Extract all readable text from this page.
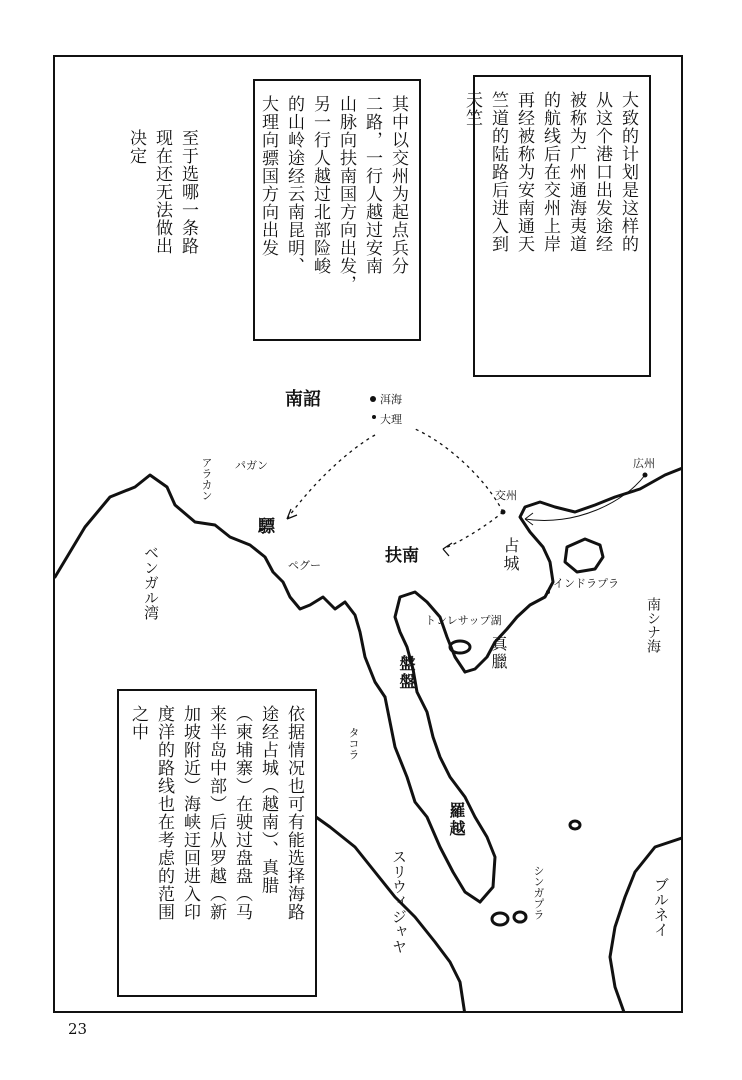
大致的计划是这样的
从这个港口出发途经
被称为广州通海夷道
的航线后在交州上岸
再经被称为安南通天
竺道的陆路后进入到
天竺
其中以交州为起点兵分
二路，一行人越过安南
山脉向扶南国方向出发，
另一行人越过北部险峻
的山岭途经云南昆明、
大理向骠国方向出发
至于选哪一条路
现在还无法做出
决定
依据情况也可有能选择海路
途经占城（越南）、真腊
（柬埔寨）在驶过盘盘（马
来半岛中部）后从罗越（新
加坡附近）海峡迂回进入印
度洋的路线也在考虑的范围
之中
南詔	洱海
大理
アラカン パガン
驃
ペグー
ベンガル湾	扶南
交州
広州
占城
インドラプラ
トンレサップ湖
真臘	南シナ海
盤盤
タコラ
羅越
スリウィジャヤ	シンガプラ	ブルネイ
23
